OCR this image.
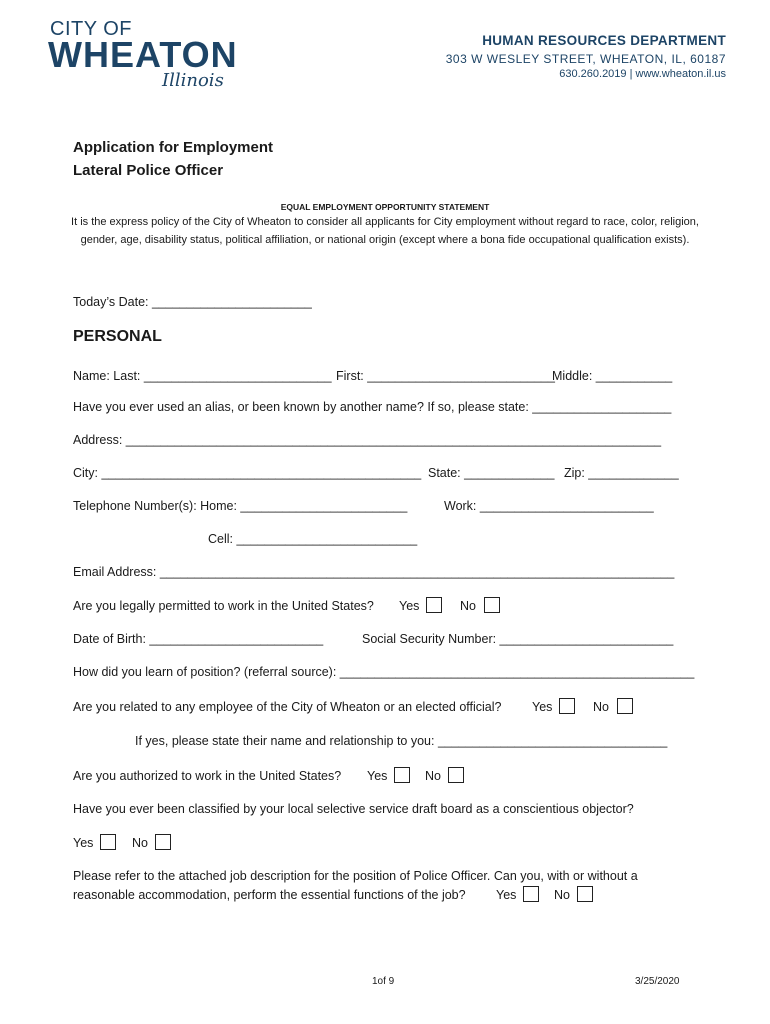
CITY OF
WHEATON
Illinois
HUMAN RESOURCES DEPARTMENT
303 W WESLEY STREET, WHEATON, IL, 60187
630.260.2019 | www.wheaton.il.us
Application for Employment
Lateral Police Officer
EQUAL EMPLOYMENT OPPORTUNITY STATEMENT
It is the express policy of the City of Wheaton to consider all applicants for City employment without regard to race, color, religion, gender, age, disability status, political affiliation, or national origin (except where a bona fide occupational qualification exists).
Today’s Date: _______________________
PERSONAL
Name: Last: ___________________________ First: ___________________________
Middle: ___________
Have you ever used an alias, or been known by another name? If so, please state: ____________________
Address: _____________________________________________________________________________
City: ______________________________________________ State: _____________ Zip: _____________
Telephone Number(s): Home: ________________________	Work: _________________________
Cell: __________________________
Email Address: __________________________________________________________________________
Are you legally permitted to work in the United States? Yes	No
Date of Birth: _________________________	Social Security Number: _________________________
How did you learn of position? (referral source): ___________________________________________________
Are you related to any employee of the City of Wheaton or an elected official? Yes	No
If yes, please state their name and relationship to you: _________________________________
Are you authorized to work in the United States? Yes	No
Have you ever been classified by your local selective service draft board as a conscientious objector?
Yes	No
Please refer to the attached job description for the position of Police Officer. Can you, with or without a
reasonable accommodation, perform the essential functions of the job? Yes	No
1of 9	3/25/2020
